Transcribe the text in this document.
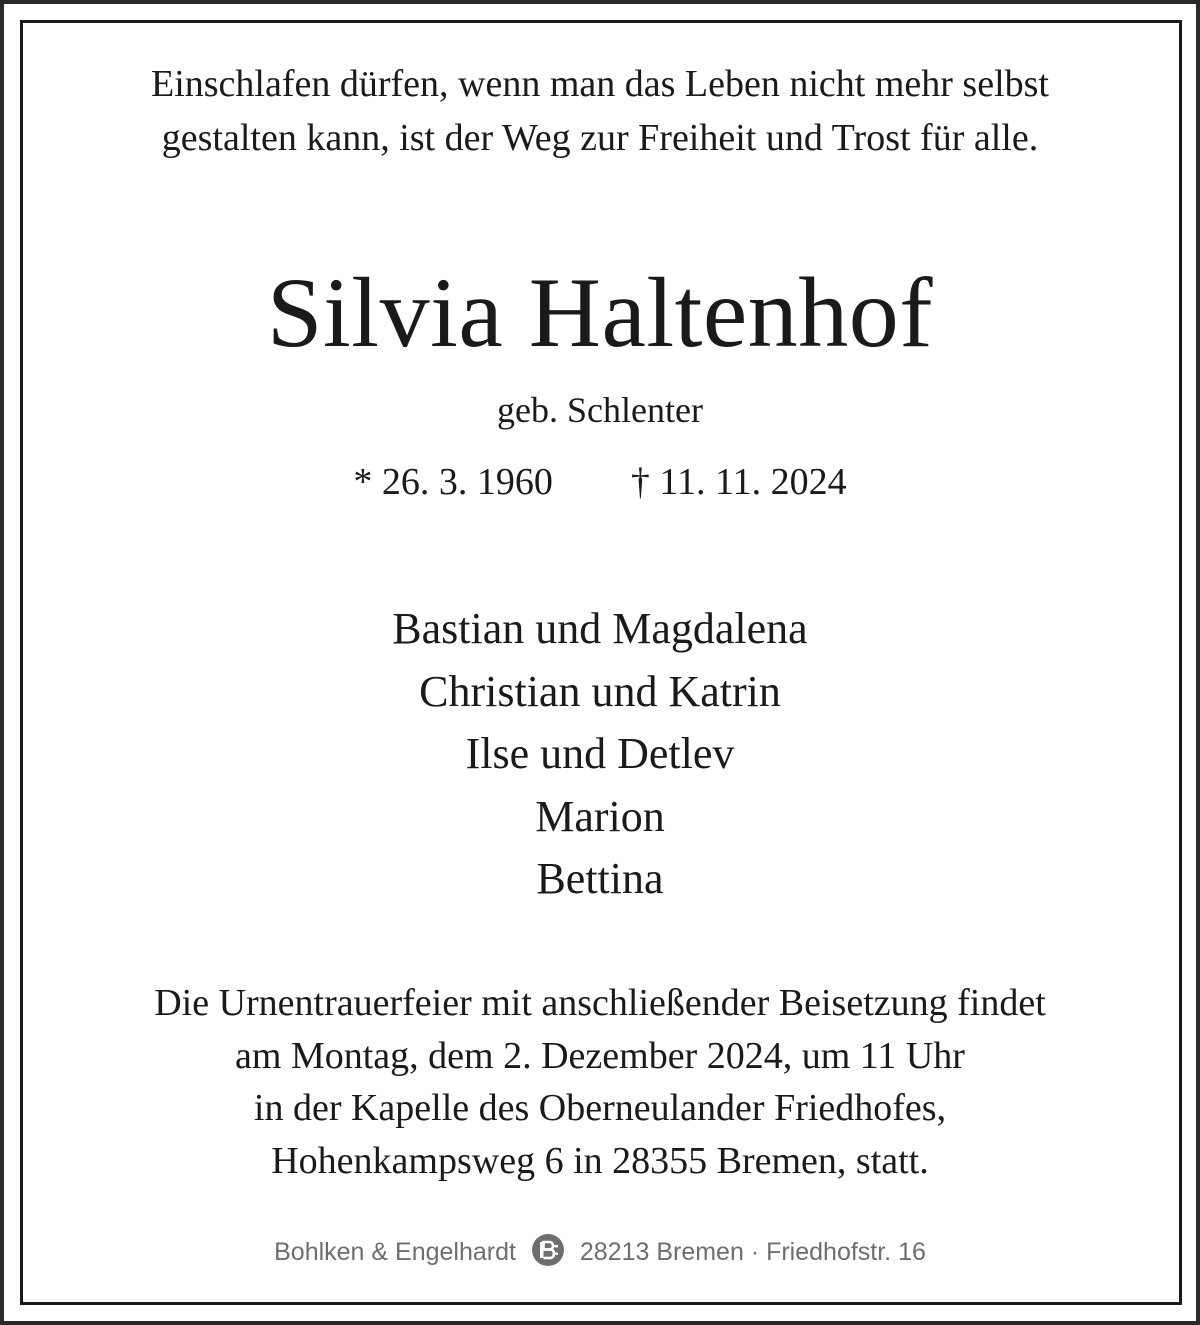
Einschlafen dürfen, wenn man das Leben nicht mehr selbst
gestalten kann, ist der Weg zur Freiheit und Trost für alle.
Silvia Haltenhof
geb. Schlenter
* 26. 3. 1960 † 11. 11. 2024
Bastian und Magdalena
Christian und Katrin
Ilse und Detlev
Marion
Bettina
Die Urnentrauerfeier mit anschließender Beisetzung findet
am Montag, dem 2. Dezember 2024, um 11 Uhr
in der Kapelle des Oberneulander Friedhofes,
Hohenkampsweg 6 in 28355 Bremen, statt.
Bohlken & Engelhardt	28213 Bremen · Friedhofstr. 16
